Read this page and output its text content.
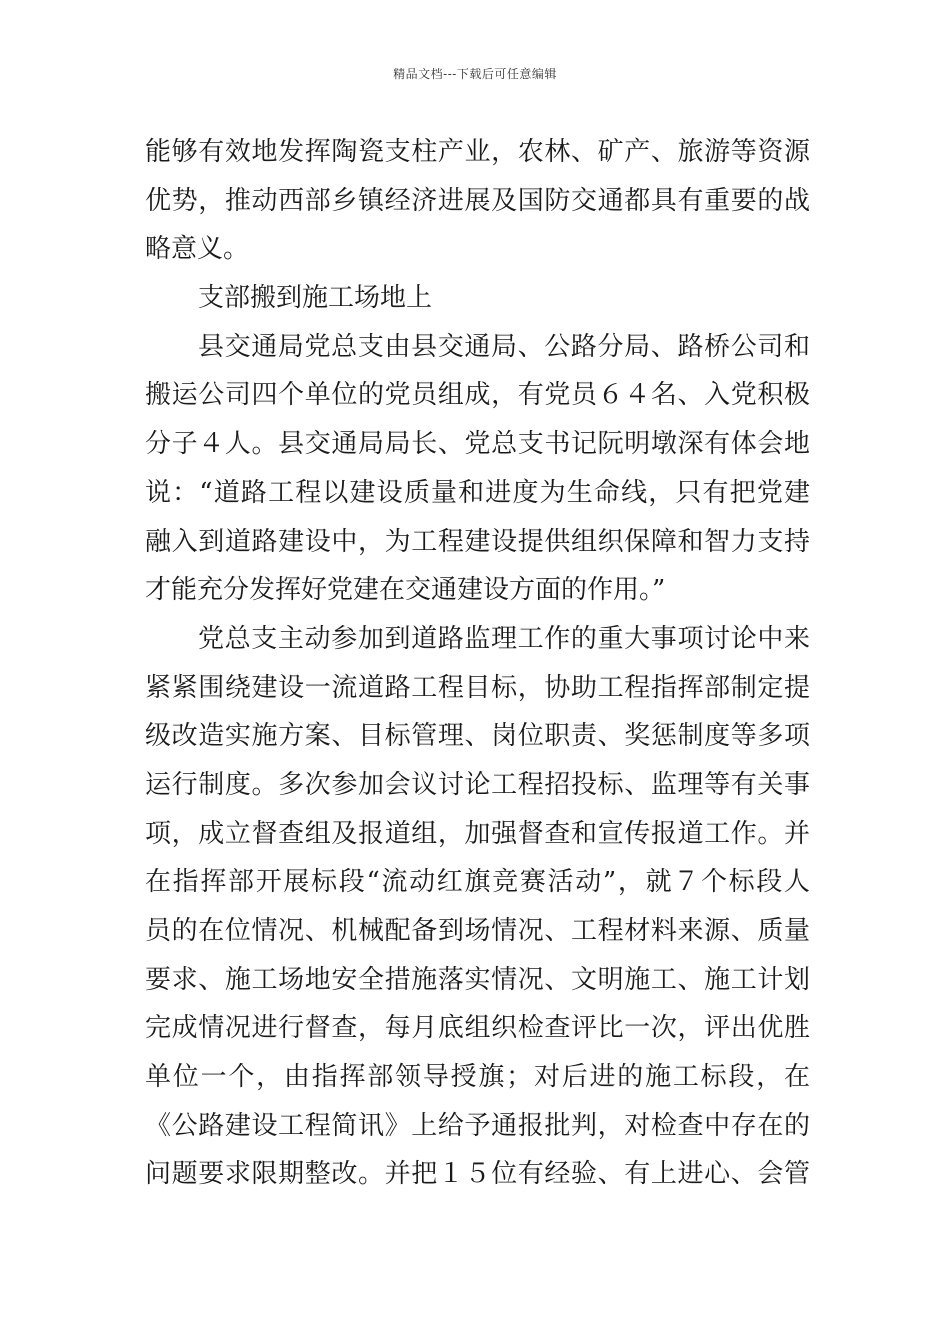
精品文档---下载后可任意编辑
能够有效地发挥陶瓷支柱产业，农林、矿产、旅游等资源
优势，推动西部乡镇经济进展及国防交通都具有重要的战
略意义。
支部搬到施工场地上
县交通局党总支由县交通局、公路分局、路桥公司和
搬运公司四个单位的党员组成，有党员６４名、入党积极
分子４人。县交通局局长、党总支书记阮明墩深有体会地
说：“道路工程以建设质量和进度为生命线，只有把党建
融入到道路建设中，为工程建设提供组织保障和智力支持
才能充分发挥好党建在交通建设方面的作用。”
党总支主动参加到道路监理工作的重大事项讨论中来
紧紧围绕建设一流道路工程目标，协助工程指挥部制定提
级改造实施方案、目标管理、岗位职责、奖惩制度等多项
运行制度。多次参加会议讨论工程招投标、监理等有关事
项，成立督查组及报道组，加强督查和宣传报道工作。并
在指挥部开展标段“流动红旗竞赛活动”，就７个标段人
员的在位情况、机械配备到场情况、工程材料来源、质量
要求、施工场地安全措施落实情况、文明施工、施工计划
完成情况进行督查，每月底组织检查评比一次，评出优胜
单位一个，由指挥部领导授旗；对后进的施工标段，在
《公路建设工程简讯》上给予通报批判，对检查中存在的
问题要求限期整改。并把１５位有经验、有上进心、会管
